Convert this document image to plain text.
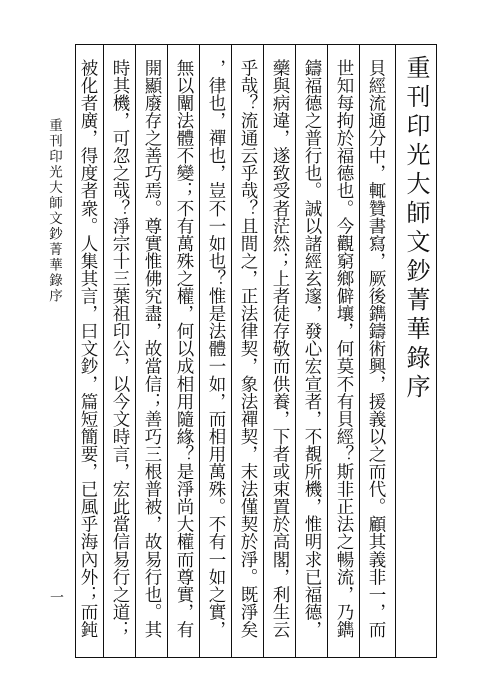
重刊印光大師文鈔菁華錄序
一
重刊印光大師文鈔菁華錄序
貝經流通分中，輒贊書寫，厥後鐫鑄術興，援義以之而代。顧其義非一，而
世知每拘於福德也。今觀窮鄉僻壤，何莫不有貝經？斯非正法之暢流，乃鐫
鑄福德之普行也。誠以諸經玄邃，發心宏宣者，不覩所機，惟明求已福德，
藥與病違，遂致受者茫然；上者徒存敬而供養，下者或束置於高閣，利生云
乎哉？流通云乎哉？且間之，正法律契，象法禪契，末法僅契於淨。既淨矣
，律也，禪也，豈不一如也？惟是法體一如，而相用萬殊。不有一如之實，
無以闡法體不變；不有萬殊之權，何以成相用隨緣？是淨尚大權而尊實，有
開顯廢存之善巧焉。尊實惟佛究盡，故當信；善巧三根普被，故易行也。其
時其機，可忽之哉？淨宗十三葉祖印公，以今文時言，宏此當信易行之道；
被化者廣，得度者衆。人集其言，曰文鈔，篇短簡要，已風乎海內外；而鈍
